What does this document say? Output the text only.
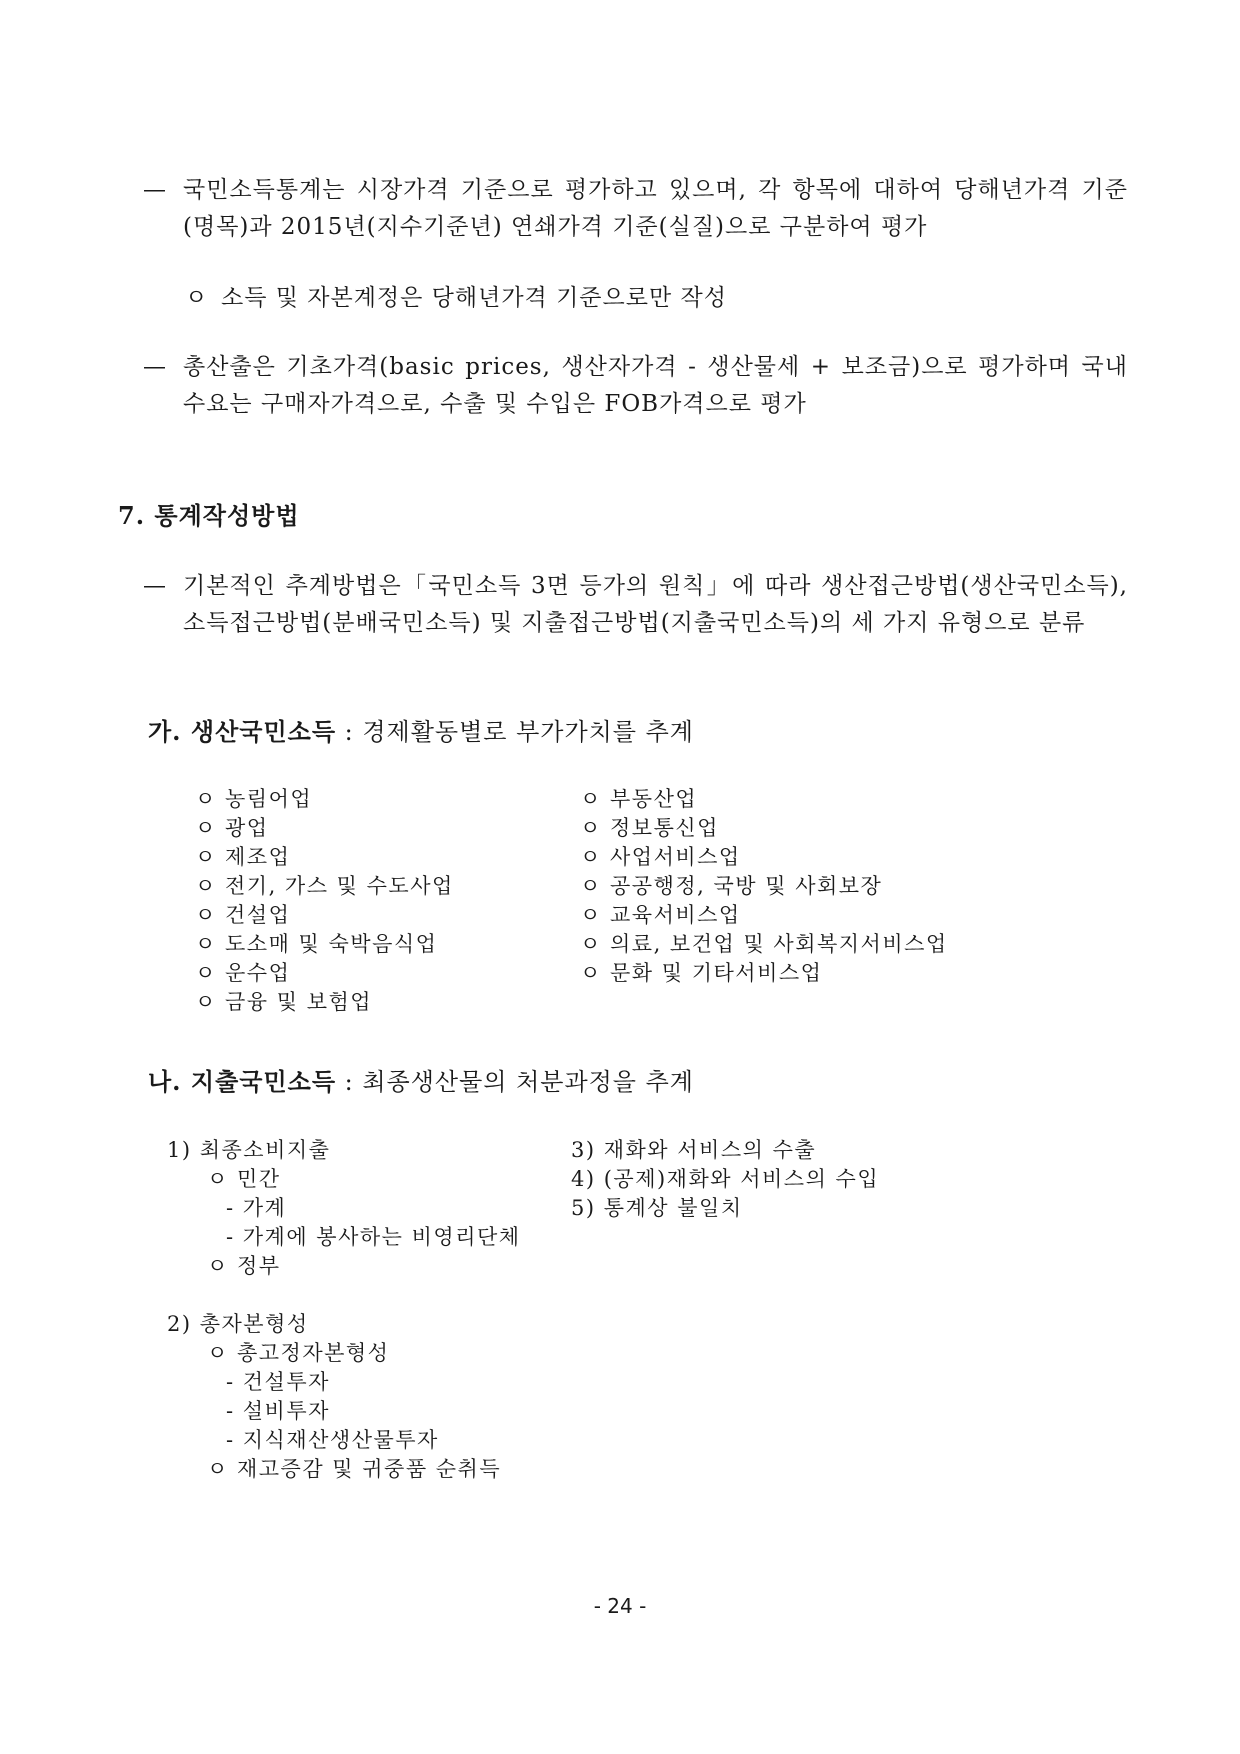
— 국민소득통계는 시장가격 기준으로 평가하고 있으며, 각 항목에 대하여 당해년가격 기준(명목)과 2015년(지수기준년) 연쇄가격 기준(실질)으로 구분하여 평가
ㅇ 소득 및 자본계정은 당해년가격 기준으로만 작성
— 총산출은 기초가격(basic prices, 생산자가격 - 생산물세 + 보조금)으로 평가하며 국내수요는 구매자가격으로, 수출 및 수입은 FOB가격으로 평가
7. 통계작성방법
— 기본적인 추계방법은「국민소득 3면 등가의 원칙」에 따라 생산접근방법(생산국민소득), 소득접근방법(분배국민소득) 및 지출접근방법(지출국민소득)의 세 가지 유형으로 분류
가. 생산국민소득 : 경제활동별로 부가가치를 추계
ㅇ 농림어업
ㅇ 광업
ㅇ 제조업
ㅇ 전기, 가스 및 수도사업
ㅇ 건설업
ㅇ 도소매 및 숙박음식업
ㅇ 운수업
ㅇ 금융 및 보험업
ㅇ 부동산업
ㅇ 정보통신업
ㅇ 사업서비스업
ㅇ 공공행정, 국방 및 사회보장
ㅇ 교육서비스업
ㅇ 의료, 보건업 및 사회복지서비스업
ㅇ 문화 및 기타서비스업
나. 지출국민소득 : 최종생산물의 처분과정을 추계
1) 최종소비지출
ㅇ 민간
- 가계
- 가계에 봉사하는 비영리단체
ㅇ 정부
2) 총자본형성
ㅇ 총고정자본형성
- 건설투자
- 설비투자
- 지식재산생산물투자
ㅇ 재고증감 및 귀중품 순취득
3) 재화와 서비스의 수출
4) (공제)재화와 서비스의 수입
5) 통계상 불일치
- 24 -
